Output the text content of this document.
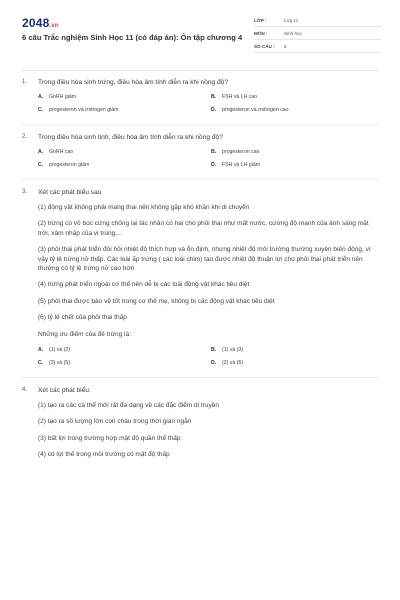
2048.vn
6 câu Trắc nghiệm Sinh Học 11 (có đáp án): Ôn tập chương 4
LỚP :	Lớp 11
MÔN :	Sinh học
SỐ CÂU :	6
1.	Trong điều hòa sinh trứng, điều hòa âm tính diễn ra khi nồng độ?
A.	GnRH giảm	B.	FSH và LH cao
C.	progesteron và ơstrogen giảm	D.	progesteron và ơstrogen cao
2.	Trong điều hòa sinh tinh, điều hòa âm tính diễn ra khi nồng độ?
A.	GnRH cao	B.	progesteron cao
C.	progesteron giảm	D.	FSH và LH giảm
3.	Xét các phát biểu sau
(1) động vật không phải mang thai nên không gặp khó khăn khi di chuyển
(2) trứng có vỏ bọc cứng chống lại tác nhân có hại cho phôi thai như mất nước, cường độ mạnh của ánh sáng mặt trời, xâm nhập của vi trùng,...
(3) phôi thai phát triển đòi hỏi nhiệt độ thích hợp và ổn định, nhưng nhiệt độ môi trường thường xuyên biến động, vì vậy tỷ lệ trứng nở thấp. Các loài ấp trứng ( các loài chim) tạo được nhiệt độ thuận lợi cho phôi thai phát triển nên thường có tỷ lệ trứng nở cao hơn
(4) trứng phát triển ngoài cơ thể nên dễ bị các loài động vật khác tiêu diệt
(5) phôi thai được bảo vệ tốt trong cơ thể mẹ, không bị các động vật khác tiêu diệt
(6) tỷ lệ chết của phôi thai thấp
Những ưu điểm của đẻ trứng là:
A.	(1) và (2)	B.	(1) và (3)
C.	(3) và (5)	D.	(2) và (6)
4.	Xét các phát biểu:
(1) tạo ra các cá thể mới rất đa dạng về các đặc điểm di truyền
(2) tạo ra số lượng lớn con cháu trong thời gian ngắn
(3) bất lợi trong trường hợp mật độ quần thể thấp
(4) có lợi thế trong môi trường có mật độ thấp
